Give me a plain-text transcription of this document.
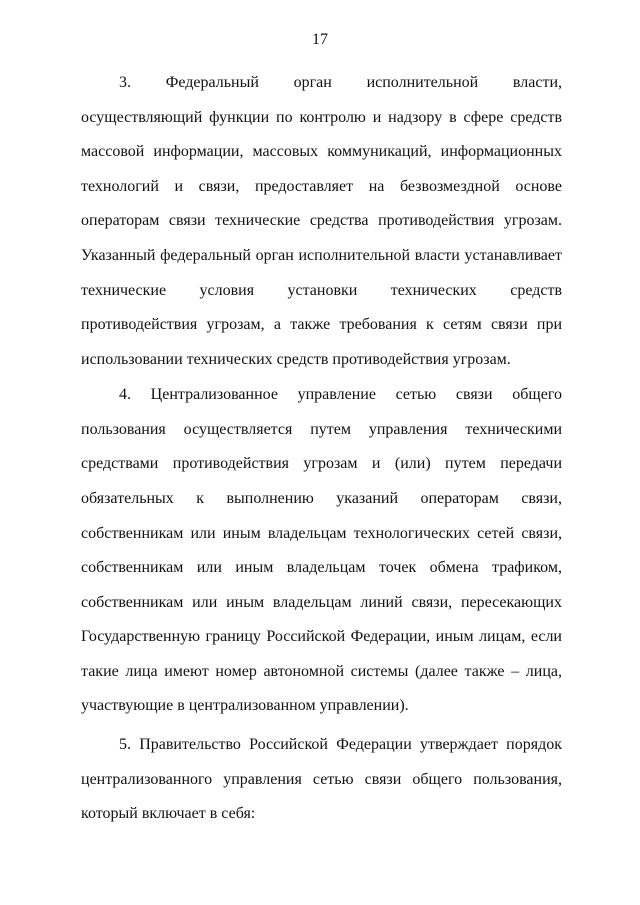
17

3. Федеральный орган исполнительной власти, осуществляющий функции по контролю и надзору в сфере средств массовой информации, массовых коммуникаций, информационных технологий и связи, предоставляет на безвозмездной основе операторам связи технические средства противодействия угрозам. Указанный федеральный орган исполнительной власти устанавливает технические условия установки технических средств противодействия угрозам, а также требования к сетям связи при использовании технических средств противодействия угрозам.

4. Централизованное управление сетью связи общего пользования осуществляется путем управления техническими средствами противодействия угрозам и (или) путем передачи обязательных к выполнению указаний операторам связи, собственникам или иным владельцам технологических сетей связи, собственникам или иным владельцам точек обмена трафиком, собственникам или иным владельцам линий связи, пересекающих Государственную границу Российской Федерации, иным лицам, если такие лица имеют номер автономной системы (далее также – лица, участвующие в централизованном управлении).

5. Правительство Российской Федерации утверждает порядок централизованного управления сетью связи общего пользования, который включает в себя:
